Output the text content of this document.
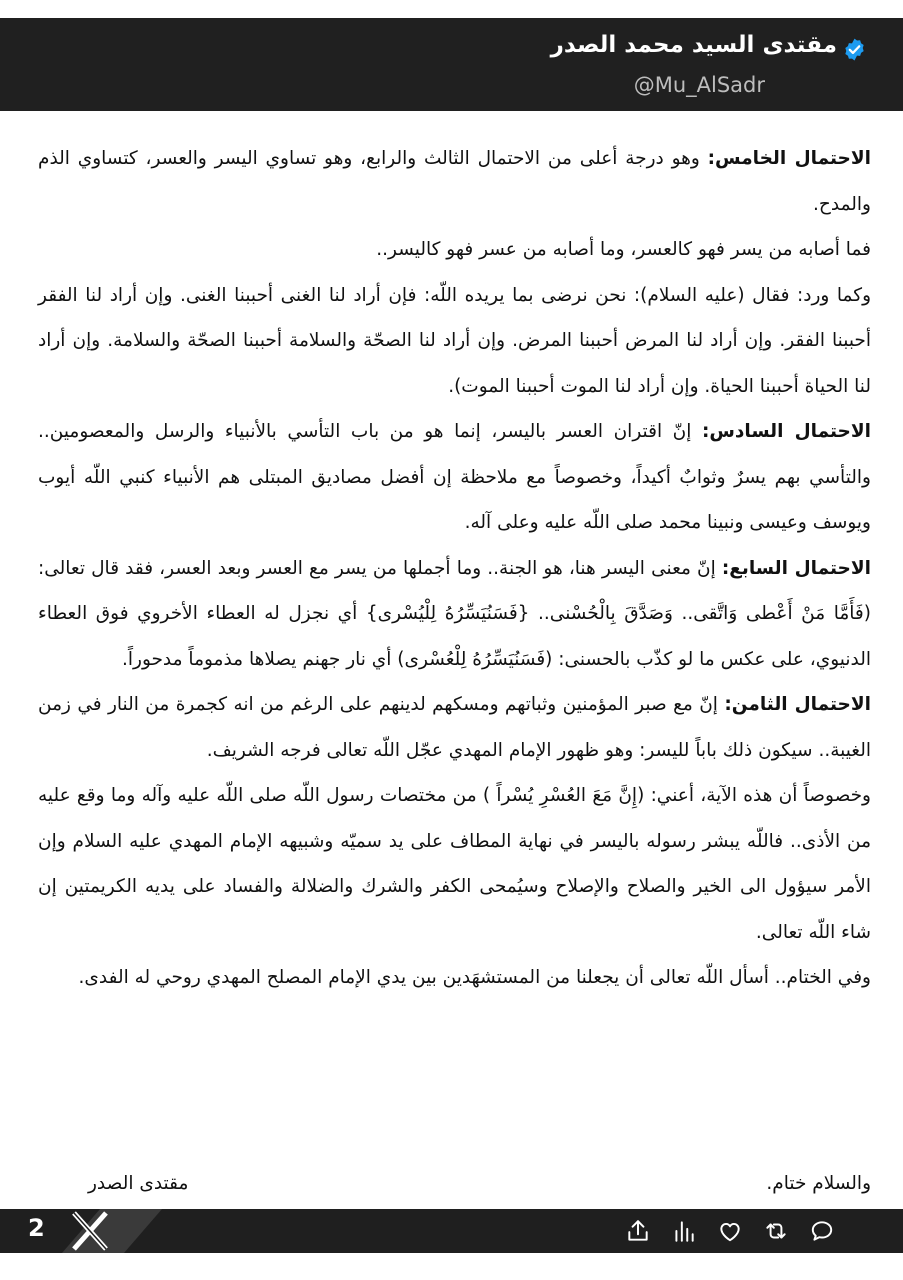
مقتدى السيد محمد الصدر
@Mu_AlSadr

الاحتمال الخامس: وهو درجة أعلى من الاحتمال الثالث والرابع، وهو تساوي اليسر والعسر، كتساوي الذم والمدح.

فما أصابه من يسر فهو كالعسر، وما أصابه من عسر فهو كاليسر..

وكما ورد: فقال (عليه السلام): نحن نرضى بما يريده اللّه: فإن أراد لنا الغنى أحببنا الغنى. وإن أراد لنا الفقر أحببنا الفقر. وإن أراد لنا المرض أحببنا المرض. وإن أراد لنا الصحّة والسلامة أحببنا الصحّة والسلامة. وإن أراد لنا الحياة أحببنا الحياة. وإن أراد لنا الموت أحببنا الموت).

الاحتمال السادس: إنّ اقتران العسر باليسر، إنما هو من باب التأسي بالأنبياء والرسل والمعصومين.. والتأسي بهم يسرٌ وثوابٌ أكيداً، وخصوصاً مع ملاحظة إن أفضل مصاديق المبتلى هم الأنبياء كنبي اللّه أيوب ويوسف وعيسى ونبينا محمد صلى اللّه عليه وعلى آله.

الاحتمال السابع: إنّ معنى اليسر هنا، هو الجنة.. وما أجملها من يسر مع العسر وبعد العسر، فقد قال تعالى: (فَأَمَّا مَنْ أَعْطى وَاتَّقى.. وَصَدَّقَ بِالْحُسْنى.. {فَسَنُيَسِّرُهُ لِلْيُسْرى} أي نجزل له العطاء الأخروي فوق العطاء الدنيوي، على عكس ما لو كذّب بالحسنى: (فَسَنُيَسِّرُهُ لِلْعُسْرى) أي نار جهنم يصلاها مذموماً مدحوراً.

الاحتمال الثامن: إنّ مع صبر المؤمنين وثباتهم ومسكهم لدينهم على الرغم من انه كجمرة من النار في زمن الغيبة.. سيكون ذلك باباً لليسر: وهو ظهور الإمام المهدي عجّل اللّه تعالى فرجه الشريف.

وخصوصاً أن هذه الآية، أعني: (إِنَّ مَعَ العُسْرِ يُسْراً ) من مختصات رسول اللّه صلى اللّه عليه وآله وما وقع عليه من الأذى.. فاللّه يبشر رسوله باليسر في نهاية المطاف على يد سميّه وشبيهه الإمام المهدي عليه السلام وإن الأمر سيؤول الى الخير والصلاح والإصلاح وسيُمحى الكفر والشرك والضلالة والفساد على يديه الكريمتين إن شاء اللّه تعالى.

وفي الختام.. أسأل اللّه تعالى أن يجعلنا من المستشهَدين بين يدي الإمام المصلح المهدي روحي له الفدى.

والسلام ختام.
مقتدى الصدر
2
